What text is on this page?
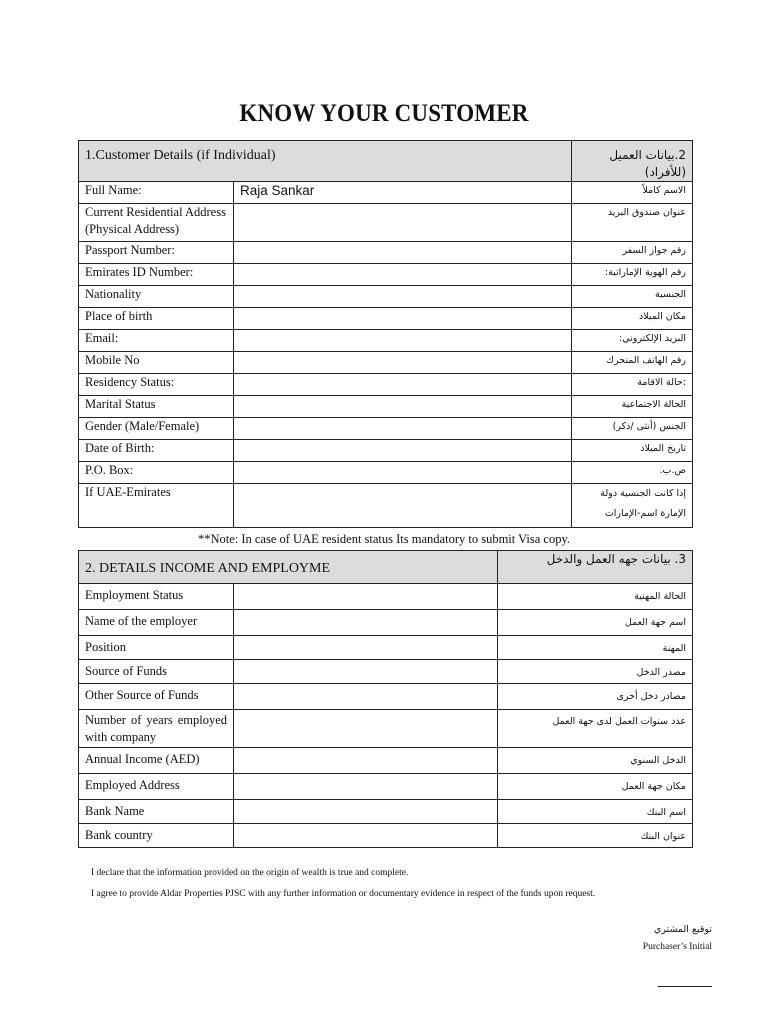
KNOW YOUR CUSTOMER
1.Customer Details (if Individual)		2.بيانات العميل (للأفراد)
Full Name:	Raja Sankar	الاسم كاملاً
Current Residential Address (Physical Address)		عنوان صندوق البريد
Passport Number:		رقم جواز السفر
Emirates ID Number:		رقم الهوية الإماراتية:
Nationality		الجنسية
Place of birth		مكان الميلاد
Email:		البريد الإلكتروني:
Mobile No		رقم الهاتف المتحرك
Residency Status:		:حالة الاقامة
Marital Status		الحالة الاجتماعية
Gender (Male/Female)		الجنس (أنثى /ذكر)
Date of Birth:		تاريخ الميلاد
P.O. Box:		ص.ب.
If UAE-Emirates		إذا كانت الجنسية دولة الإمارة اسم-الإمارات
**Note: In case of UAE resident status Its mandatory to submit Visa copy.
2. DETAILS INCOME AND EMPLOYME		3. بيانات جهه العمل والدخل
Employment Status		الحالة المهنية
Name of the employer		اسم جهة العمل
Position		المهنة
Source of Funds		مصدر الدخل
Other Source of Funds		مصادر دخل أخرى
Number of years employed with company		عدد سنوات العمل لدى جهة العمل
Annual Income (AED)		الدخل السنوي
Employed Address		مكان جهة العمل
Bank Name		اسم البنك
Bank country		عنوان البنك
I declare that the information provided on the origin of wealth is true and complete.
I agree to provide Aldar Properties PJSC with any further information or documentary evidence in respect of the funds upon request.
توقيع المشتري
Purchaser’s Initial
